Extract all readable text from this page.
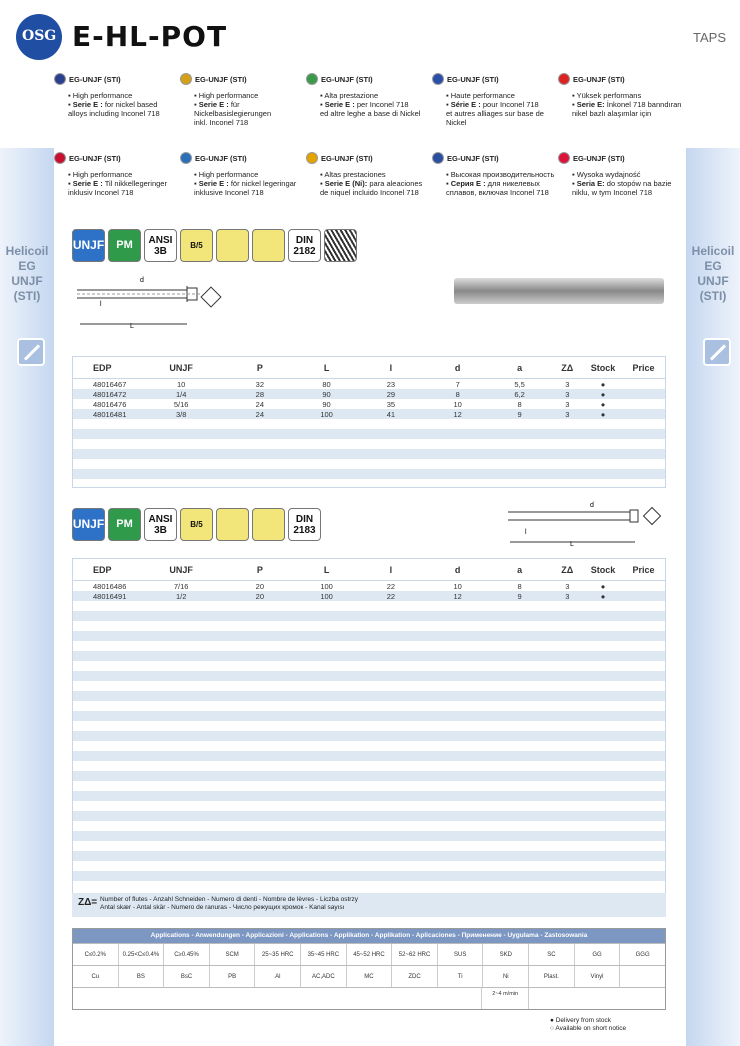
Helicoil
EG
UNJF
(STI)
Helicoil
EG
UNJF
(STI)
OSG E-HL-POT	TAPS
EG-UNJF (STI)
▪ High performance
▪ Serie E : for nickel based
alloys including Inconel 718
EG-UNJF (STI)
▪ High performance
▪ Serie E : für Nickelbasislegierungen
inkl. Inconel 718
EG-UNJF (STI)
▪ Alta prestazione
▪ Serie E : per Inconel 718
ed altre leghe a base di Nickel
EG-UNJF (STI)
▪ Haute performance
▪ Série E : pour Inconel 718
et autres alliages sur base de Nickel
EG-UNJF (STI)
▪ Yüksek performans
▪ Serie E: İnkonel 718 banndıran
nikel bazlı alaşımlar için
EG-UNJF (STI)
▪ High performance
▪ Serie E : Til nikkellegeringer
inklusiv Inconel 718
EG-UNJF (STI)
▪ High performance
▪ Serie E : för nickel legeringar
inklusive Inconel 718
EG-UNJF (STI)
▪ Altas prestaciones
▪ Serie E (Ni): para aleaciones
de niquel incluido Inconel 718
EG-UNJF (STI)
▪ Высокая производительность
▪ Серия E : для никелевых
сплавов, включая Inconel 718
EG-UNJF (STI)
▪ Wysoka wydajność
▪ Seria E: do stopów na bazie
niklu, w tym Inconel 718
UNJF	PM	ANSI 3B	B/5	DIN 2182
d
l
L
EDP	UNJF	P	L	l	d	a	ZΔ	Stock	Price
48016467	10	32	80	23	7	5,5	3	●
48016472	1/4	28	90	29	8	6,2	3	●
48016476	5/16	24	90	35	10	8	3	●
48016481	3/8	24	100	41	12	9	3	●
UNJF	PM	ANSI 3B	B/5	DIN 2183
d
l
L
EDP	UNJF	P	L	l	d	a	ZΔ	Stock	Price
48016486	7/16	20	100	22	10	8	3	●
48016491	1/2	20	100	22	12	9	3	●
ZΔ= Number of flutes - Anzahl Schneiden - Numero di denti - Nombre de lèvres - Liczba ostrzy
Antal skær - Antal skär - Numero de ranuras - Число режущих кромок - Kanal sayısı
Applications - Anwendungen - Applicazioni - Applications - Applikation - Applikation - Aplicaciones - Применение - Uygulama - Zastosowania
C≤0.2%	0.25<C≤0.4%	C≥0.45%	SCM	25~35 HRC	35~45 HRC	45~52 HRC	52~62 HRC	SUS	SKD	SC	GG	GGG
Cu	BS	BsC	PB	Al	AC,ADC	MC	ZDC	Ti	Ni	Plast.	Vinyl
2~4 m/min
● Delivery from stock
○ Available on short notice
